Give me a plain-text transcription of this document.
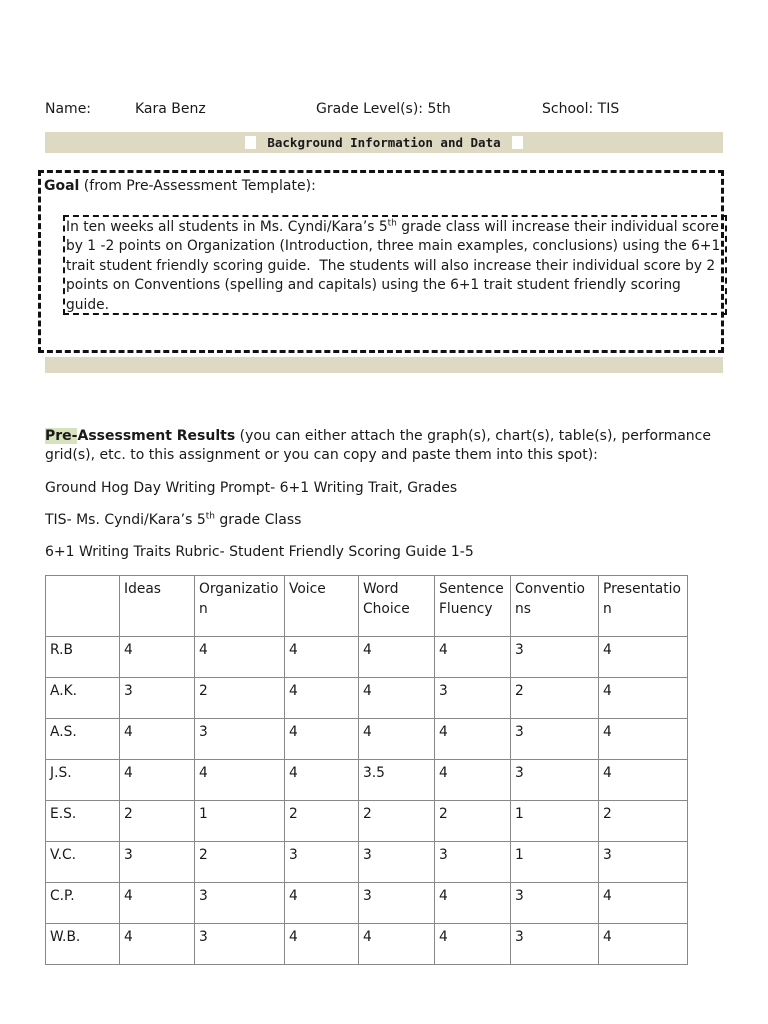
Name:	Kara Benz	Grade Level(s): 5th	School: TIS
Background Information and Data
Goal (from Pre-Assessment Template):
In ten weeks all students in Ms. Cyndi/Kara’s 5th grade class will increase their individual score by 1 -2 points on Organization (Introduction, three main examples, conclusions) using the 6+1 trait student friendly scoring guide.  The students will also increase their individual score by 2 points on Conventions (spelling and capitals) using the 6+1 trait student friendly scoring guide.
Pre-Assessment Results (you can either attach the graph(s), chart(s), table(s), performance grid(s), etc. to this assignment or you can copy and paste them into this spot):
Ground Hog Day Writing Prompt- 6+1 Writing Trait, Grades
TIS- Ms. Cyndi/Kara’s 5th grade Class
6+1 Writing Traits Rubric- Student Friendly Scoring Guide 1-5
	Ideas	Organizatio n	Voice	Word Choice	Sentence Fluency	Conventio ns	Presentatio n
R.B	4	4	4	4	4	3	4
A.K.	3	2	4	4	3	2	4
A.S.	4	3	4	4	4	3	4
J.S.	4	4	4	3.5	4	3	4
E.S.	2	1	2	2	2	1	2
V.C.	3	2	3	3	3	1	3
C.P.	4	3	4	3	4	3	4
W.B.	4	3	4	4	4	3	4
